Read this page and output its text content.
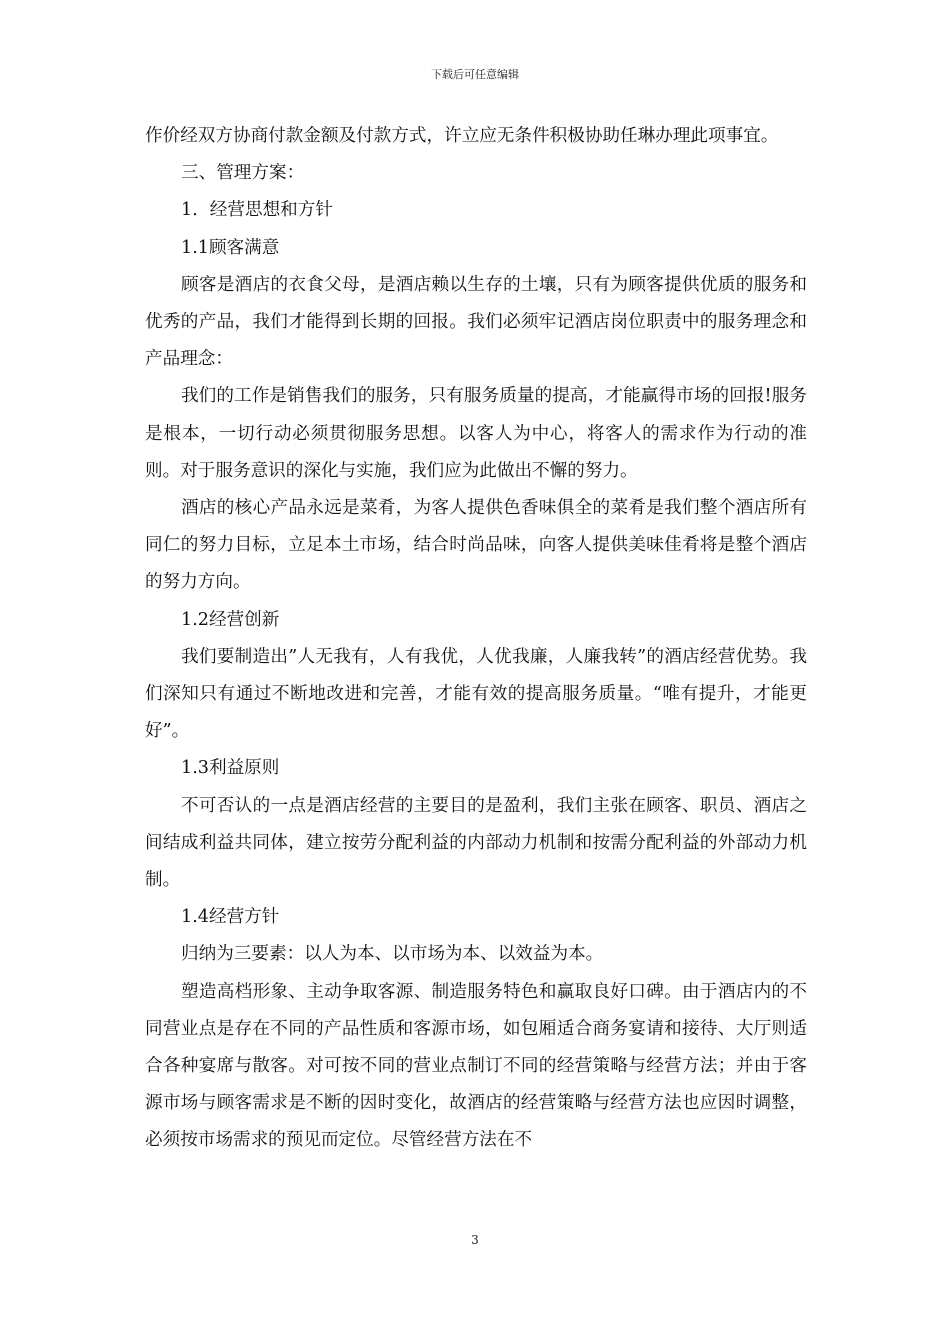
下载后可任意编辑

作价经双方协商付款金额及付款方式，许立应无条件积极协助任琳办理此项事宜。

三、管理方案：

1．经营思想和方针

1.1顾客满意

顾客是酒店的衣食父母，是酒店赖以生存的土壤，只有为顾客提供优质的服务和优秀的产品，我们才能得到长期的回报。我们必须牢记酒店岗位职责中的服务理念和产品理念：

我们的工作是销售我们的服务，只有服务质量的提高，才能赢得市场的回报!服务是根本，一切行动必须贯彻服务思想。以客人为中心，将客人的需求作为行动的准则。对于服务意识的深化与实施，我们应为此做出不懈的努力。

酒店的核心产品永远是菜肴，为客人提供色香味俱全的菜肴是我们整个酒店所有同仁的努力目标，立足本土市场，结合时尚品味，向客人提供美味佳肴将是整个酒店的努力方向。

1.2经营创新

我们要制造出”人无我有，人有我优，人优我廉，人廉我转”的酒店经营优势。我们深知只有通过不断地改进和完善，才能有效的提高服务质量。“唯有提升，才能更好”。

1.3利益原则

不可否认的一点是酒店经营的主要目的是盈利，我们主张在顾客、职员、酒店之间结成利益共同体，建立按劳分配利益的内部动力机制和按需分配利益的外部动力机制。

1.4经营方针

归纳为三要素：以人为本、以市场为本、以效益为本。

塑造高档形象、主动争取客源、制造服务特色和赢取良好口碑。由于酒店内的不同营业点是存在不同的产品性质和客源市场，如包厢适合商务宴请和接待、大厅则适合各种宴席与散客。对可按不同的营业点制订不同的经营策略与经营方法；并由于客源市场与顾客需求是不断的因时变化，故酒店的经营策略与经营方法也应因时调整，必须按市场需求的预见而定位。尽管经营方法在不

3
